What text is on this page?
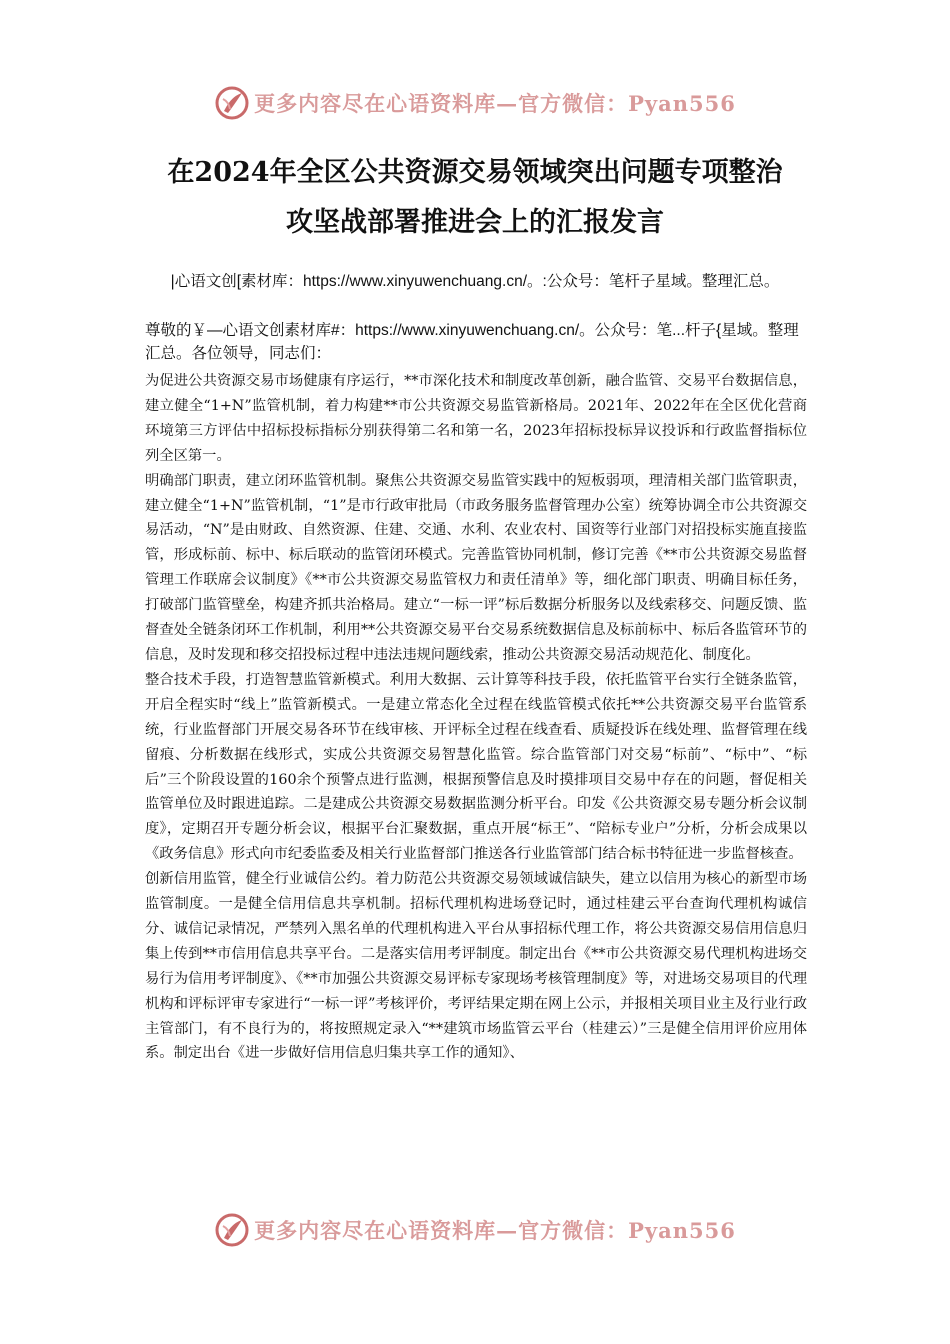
更多内容尽在心语资料库—官方微信：Pyan556
在2024年全区公共资源交易领域突出问题专项整治
攻坚战部署推进会上的汇报发言
|心语文创[素材库：https://www.xinyuwenchuang.cn/。:公众号：笔杆子星域。整理汇总。
尊敬的￥—心语文创素材库#：https://www.xinyuwenchuang.cn/。公众号：笔...杆子{星域。整理汇总。各位领导，同志们：

为促进公共资源交易市场健康有序运行，**市深化技术和制度改革创新，融合监管、交易平台数据信息，建立健全“1+N”监管机制，着力构建**市公共资源交易监管新格局。2021年、2022年在全区优化营商环境第三方评估中招标投标指标分别获得第二名和第一名，2023年招标投标异议投诉和行政监督指标位列全区第一。

明确部门职责，建立闭环监管机制。聚焦公共资源交易监管实践中的短板弱项，理清相关部门监管职责，建立健全“1+N”监管机制，“1”是市行政审批局（市政务服务监督管理办公室）统筹协调全市公共资源交易活动，“N”是由财政、自然资源、住建、交通、水利、农业农村、国资等行业部门对招投标实施直接监管，形成标前、标中、标后联动的监管闭环模式。完善监管协同机制，修订完善《**市公共资源交易监督管理工作联席会议制度》《**市公共资源交易监管权力和责任清单》等，细化部门职责、明确目标任务，打破部门监管壁垒，构建齐抓共治格局。建立“一标一评”标后数据分析服务以及线索移交、问题反馈、监督查处全链条闭环工作机制，利用**公共资源交易平台交易系统数据信息及标前标中、标后各监管环节的信息，及时发现和移交招投标过程中违法违规问题线索，推动公共资源交易活动规范化、制度化。

整合技术手段，打造智慧监管新模式。利用大数据、云计算等科技手段，依托监管平台实行全链条监管，开启全程实时“线上”监管新模式。一是建立常态化全过程在线监管模式依托**公共资源交易平台监管系统，行业监督部门开展交易各环节在线审核、开评标全过程在线查看、质疑投诉在线处理、监督管理在线留痕、分析数据在线形式，实成公共资源交易智慧化监管。综合监管部门对交易“标前”、“标中”、“标后”三个阶段设置的160余个预警点进行监测，根据预警信息及时摸排项目交易中存在的问题，督促相关监管单位及时跟进追踪。二是建成公共资源交易数据监测分析平台。印发《公共资源交易专题分析会议制度》，定期召开专题分析会议，根据平台汇聚数据，重点开展“标王”、“陪标专业户”分析，分析会成果以《政务信息》形式向市纪委监委及相关行业监督部门推送各行业监管部门结合标书特征进一步监督核查。

创新信用监管，健全行业诚信公约。着力防范公共资源交易领域诚信缺失，建立以信用为核心的新型市场监管制度。一是健全信用信息共享机制。招标代理机构进场登记时，通过桂建云平台查询代理机构诚信分、诚信记录情况，严禁列入黑名单的代理机构进入平台从事招标代理工作，将公共资源交易信用信息归集上传到**市信用信息共享平台。二是落实信用考评制度。制定出台《**市公共资源交易代理机构进场交易行为信用考评制度》、《**市加强公共资源交易评标专家现场考核管理制度》等，对进场交易项目的代理机构和评标评审专家进行“一标一评”考核评价，考评结果定期在网上公示，并报相关项目业主及行业行政主管部门，有不良行为的，将按照规定录入“**建筑市场监管云平台（桂建云）”三是健全信用评价应用体系。制定出台《进一步做好信用信息归集共享工作的通知》、

更多内容尽在心语资料库—官方微信：Pyan556
